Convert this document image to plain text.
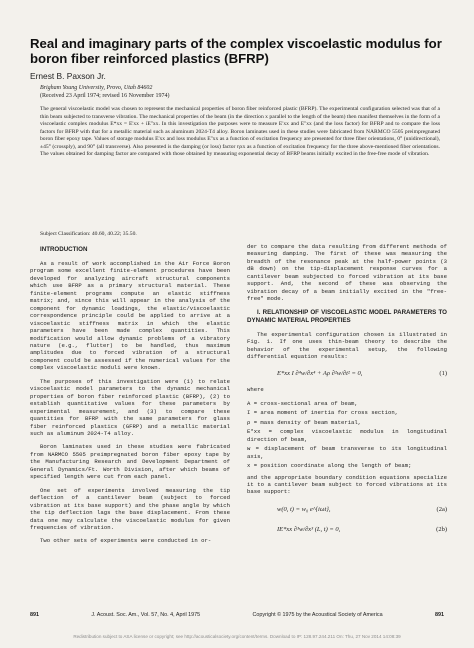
Real and imaginary parts of the complex viscoelastic modulus for boron fiber reinforced plastics (BFRP)
Ernest B. Paxson Jr.
Brigham Young University, Provo, Utah 84602
(Received 23 April 1974; revised 16 November 1974)
The general viscoelastic model was chosen to represent the mechanical properties of boron fiber reinforced plastic (BFRP). The experimental configuration selected was that of a thin beam subjected to transverse vibration. The mechanical properties of the beam (in the direction x parallel to the length of the beam) then manifest themselves in the form of a viscoelastic complex modulus E*xx = E'xx + iE''xx. In this investigation the purposes were to measure E'xx and E''xx (and the loss factor) for BFRP and to compare the loss factors for BFRP with that for a metallic material such as aluminum 2024-T4 alloy. Boron laminates used in these studies were fabricated from NARMCO 5505 preimpregnated boron fiber epoxy tape. Values of storage modulus E'xx and loss modulus E''xx as a function of excitation frequency are presented for three fiber orientations, 0° (unidirectional), ±45° (crossply), and 90° (all transverse). Also presented is the damping (or loss) factor ηxx as a function of excitation frequency for the three above-mentioned fiber orientations. The values obtained for damping factor are compared with those obtained by measuring exponential decay of BFRP beams initially excited in the free-free mode of vibration.
Subject Classification: 40.60, 40.22; 35.50.

INTRODUCTION

As a result of work accomplished in the Air Force Boron program some excellent finite-element procedures have been developed for analyzing aircraft structural components which use BFRP as a primary structural material. These finite-element programs compute an elastic stiffness matrix; and, since this will appear in the analysis of the component for dynamic loadings, the elastic/viscoelastic correspondence principle could be applied to arrive at a viscoelastic stiffness matrix in which the elastic parameters have been made complex quantities. This modification would allow dynamic problems of a vibratory nature (e.g., flutter) to be handled, thus maximum amplitudes due to forced vibration of a structural component could be assessed if the numerical values for the complex viscoelastic moduli were known.

The purposes of this investigation were (1) to relate viscoelastic model parameters to the dynamic mechanical properties of boron fiber reinforced plastic (BFRP), (2) to establish quantitative values for these parameters by experimental measurement, and (3) to compare these quantities for BFRP with the same parameters for glass fiber reinforced plastics (GFRP) and a metallic material such as aluminum 2024-T4 alloy.

Boron laminates used in these studies were fabricated from NARMCO 5505 preimpregnated boron fiber epoxy tape by the Manufacturing Research and Development Department of General Dynamics/Ft. Worth Division, after which beams of specified length were cut from each panel.

One set of experiments involved measuring the tip deflection of a cantilever beam (subject to forced vibration at its base support) and the phase angle by which the tip deflection lags the base displacement. From these data one may calculate the viscoelastic modulus for given frequencies of vibration.

Two other sets of experiments were conducted in or-

der to compare the data resulting from different methods of measuring damping. The first of these was measuring the breadth of the resonance peak at the half-power points (3 dB down) on the tip-displacement response curves for a cantilever beam subjected to forced vibration at its base support. And, the second of these was observing the vibration decay of a beam initially excited in the "free-free" mode.

I. RELATIONSHIP OF VISCOELASTIC MODEL PARAMETERS TO DYNAMIC MATERIAL PROPERTIES

The experimental configuration chosen is illustrated in Fig. 1. If one uses thin-beam theory to describe the behavior of the experimental setup, the following differential equation results:

E*xx I ∂⁴w/∂x⁴ + Aρ ∂²w/∂t² = 0,	(1)

where

A = cross-sectional area of beam,
I = area moment of inertia for cross section,
ρ = mass density of beam material,
E*xx = complex viscoelastic modulus in longitudinal direction of beam,
w = displacement of beam transverse to its longitudinal axis,
x = position coordinate along the length of beam;

and the appropriate boundary condition equations specialize it to a cantilever beam subject to forced vibrations at its base support:

w(0, t) = w₀ e^{iωt},	(2a)
IE*xx ∂³w/∂x³ (L, t) = 0,	(2b)
891	J. Acoust. Soc. Am., Vol. 57, No. 4, April 1975	Copyright © 1975 by the Acoustical Society of America	891
Redistribution subject to ASA license or copyright; see http://acousticalsociety.org/content/terms. Download to IP: 128.97.244.211 On: Thu, 27 Nov 2014 14:08:39
